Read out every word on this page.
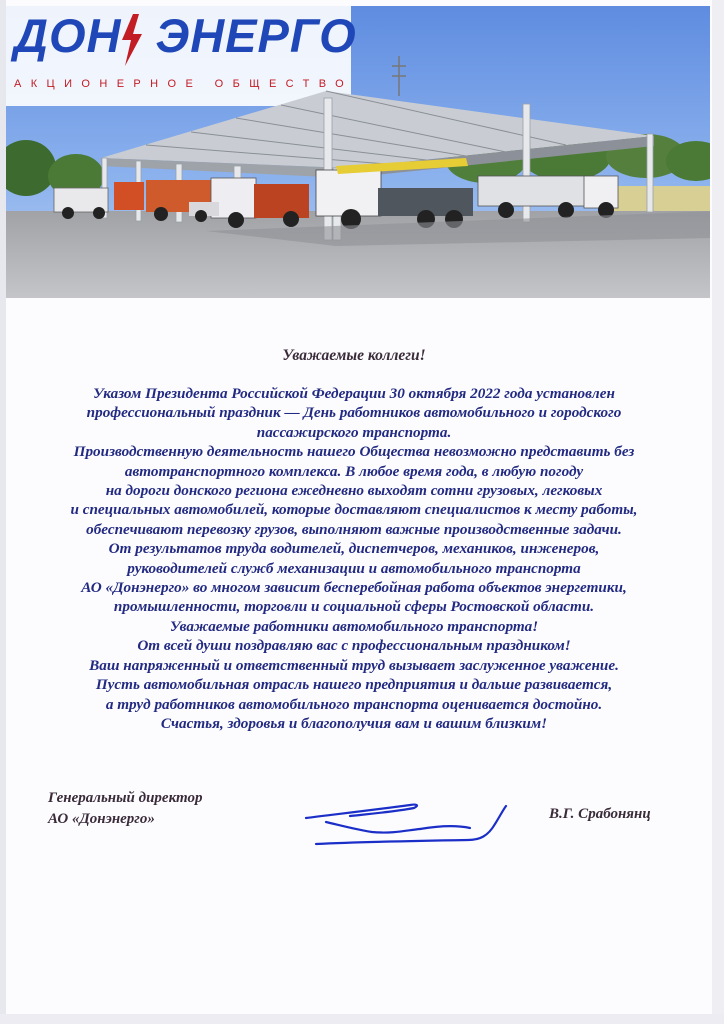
ДОН ЭНЕРГО
АКЦИОНЕРНОЕ ОБЩЕСТВО
Уважаемые коллеги!

Указом Президента Российской Федерации 30 октября 2022 года установлен

профессиональный праздник — День работников автомобильного и городского

пассажирского транспорта.

Производственную деятельность нашего Общества невозможно представить без

автотранспортного комплекса. В любое время года, в любую погоду

на дороги донского региона ежедневно выходят сотни грузовых, легковых

и специальных автомобилей, которые доставляют специалистов к месту работы,

обеспечивают перевозку грузов, выполняют важные производственные задачи.

От результатов труда водителей, диспетчеров, механиков, инженеров,

руководителей служб механизации и автомобильного транспорта

АО «Донэнерго» во многом зависит бесперебойная работа объектов энергетики,

промышленности, торговли и социальной сферы Ростовской области.

Уважаемые работники автомобильного транспорта!

От всей души поздравляю вас с профессиональным праздником!

Ваш напряженный и ответственный труд вызывает заслуженное уважение.

Пусть автомобильная отрасль нашего предприятия и дальше развивается,

а труд работников автомобильного транспорта оценивается достойно.

Счастья, здоровья и благополучия вам и вашим близким!

Генеральный директор
АО «Донэнерго»	В.Г. Срабонянц
